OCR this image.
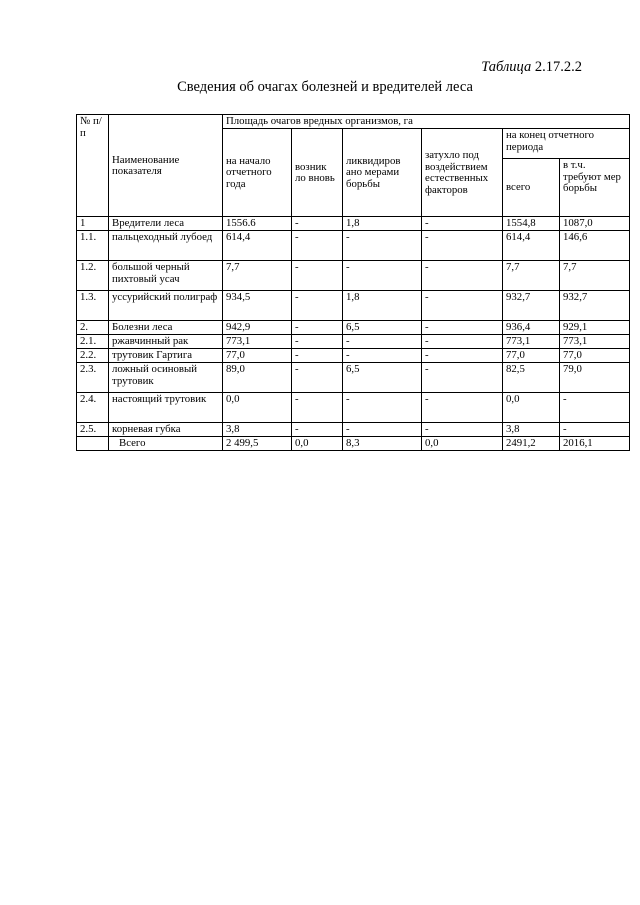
Таблица 2.17.2.2
Сведения об очагах болезней и вредителей леса
№ п/п	Наименование показателя	Площадь очагов вредных организмов, га					
		на начало отчетного года	возник ло вновь	ликвидиров ано мерами борьбы	затухло под воздействием естественных факторов	на конец отчетного периода	
						всего	в т.ч. требуют мер борьбы
1	Вредители леса	1556.6	-	1,8	-	1554,8	1087,0
1.1.	пальцеходный лубоед	614,4	-	-	-	614,4	146,6
1.2.	большой черный пихтовый усач	7,7	-	-	-	7,7	7,7
1.3.	уссурийский полиграф	934,5	-	1,8	-	932,7	932,7
2.	Болезни леса	942,9	-	6,5	-	936,4	929,1
2.1.	ржавчинный рак	773,1	-	-	-	773,1	773,1
2.2.	трутовик Гартига	77,0	-	-	-	77,0	77,0
2.3.	ложный осиновый трутовик	89,0	-	6,5	-	82,5	79,0
2.4.	настоящий трутовик	0,0	-	-	-	0,0	-
2.5.	корневая губка	3,8	-	-	-	3,8	-
	Всего	2 499,5	0,0	8,3	0,0	2491,2	2016,1
